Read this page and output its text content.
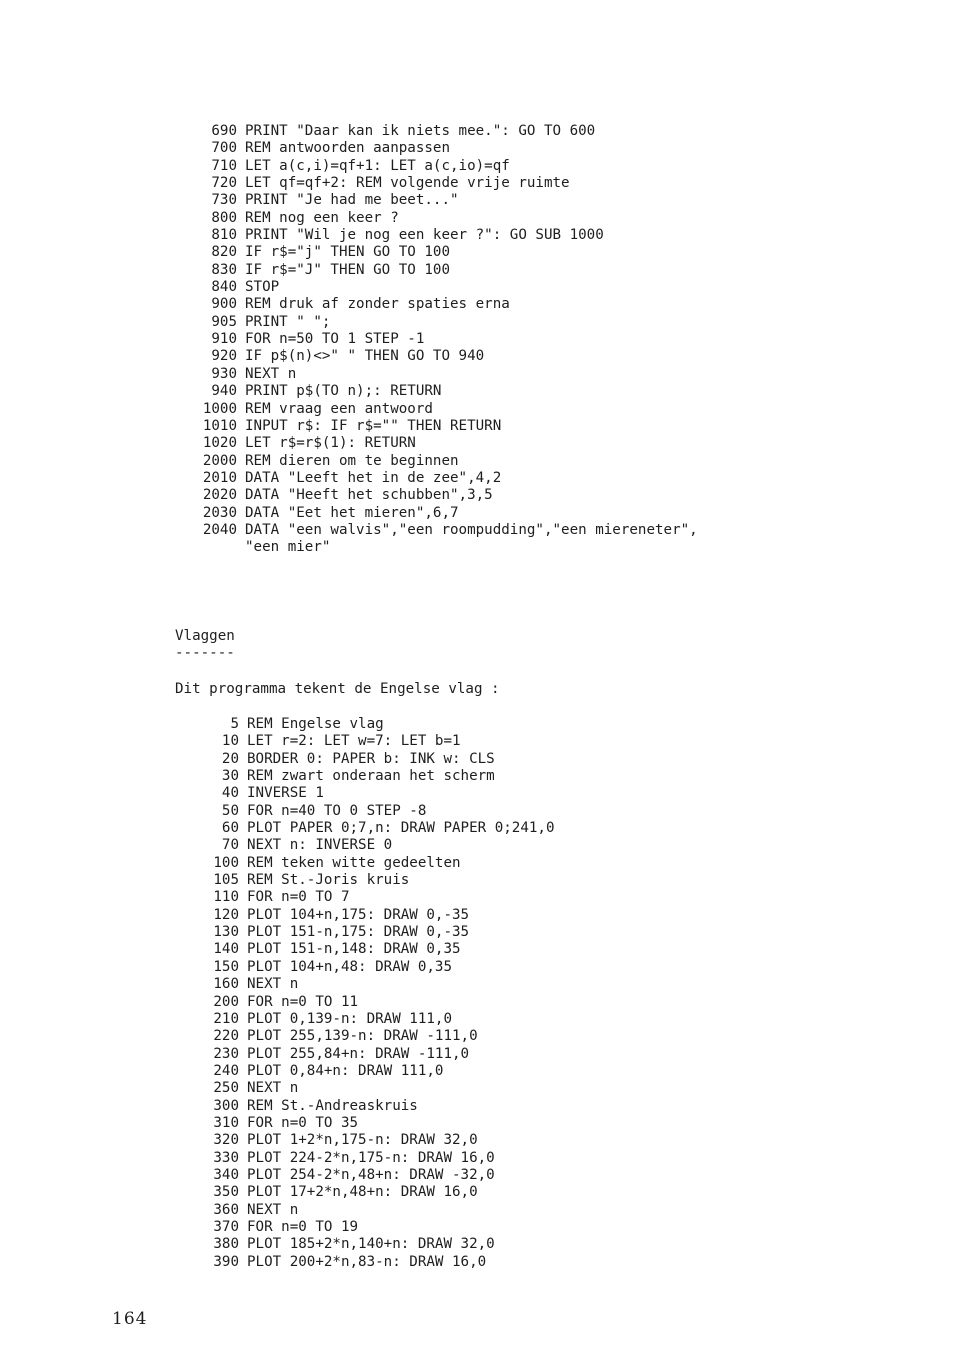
690 PRINT "Daar kan ik niets mee.": GO TO 600
700 REM antwoorden aanpassen
710 LET a(c,i)=qf+1: LET a(c,io)=qf
720 LET qf=qf+2: REM volgende vrije ruimte
730 PRINT "Je had me beet..."
800 REM nog een keer ?
810 PRINT "Wil je nog een keer ?": GO SUB 1000
820 IF r$="j" THEN GO TO 100
830 IF r$="J" THEN GO TO 100
840 STOP
900 REM druk af zonder spaties erna
905 PRINT " ";
910 FOR n=50 TO 1 STEP -1
920 IF p$(n)<>" " THEN GO TO 940
930 NEXT n
940 PRINT p$(TO n);: RETURN
1000 REM vraag een antwoord
1010 INPUT r$: IF r$="" THEN RETURN
1020 LET r$=r$(1): RETURN
2000 REM dieren om te beginnen
2010 DATA "Leeft het in de zee",4,2
2020 DATA "Heeft het schubben",3,5
2030 DATA "Eet het mieren",6,7
2040 DATA "een walvis","een roompudding","een miereneter",
"een mier"
Vlaggen
-------
Dit programma tekent de Engelse vlag :
5 REM Engelse vlag
10 LET r=2: LET w=7: LET b=1
20 BORDER 0: PAPER b: INK w: CLS
30 REM zwart onderaan het scherm
40 INVERSE 1
50 FOR n=40 TO 0 STEP -8
60 PLOT PAPER 0;7,n: DRAW PAPER 0;241,0
70 NEXT n: INVERSE 0
100 REM teken witte gedeelten
105 REM St.-Joris kruis
110 FOR n=0 TO 7
120 PLOT 104+n,175: DRAW 0,-35
130 PLOT 151-n,175: DRAW 0,-35
140 PLOT 151-n,148: DRAW 0,35
150 PLOT 104+n,48: DRAW 0,35
160 NEXT n
200 FOR n=0 TO 11
210 PLOT 0,139-n: DRAW 111,0
220 PLOT 255,139-n: DRAW -111,0
230 PLOT 255,84+n: DRAW -111,0
240 PLOT 0,84+n: DRAW 111,0
250 NEXT n
300 REM St.-Andreaskruis
310 FOR n=0 TO 35
320 PLOT 1+2*n,175-n: DRAW 32,0
330 PLOT 224-2*n,175-n: DRAW 16,0
340 PLOT 254-2*n,48+n: DRAW -32,0
350 PLOT 17+2*n,48+n: DRAW 16,0
360 NEXT n
370 FOR n=0 TO 19
380 PLOT 185+2*n,140+n: DRAW 32,0
390 PLOT 200+2*n,83-n: DRAW 16,0
164
